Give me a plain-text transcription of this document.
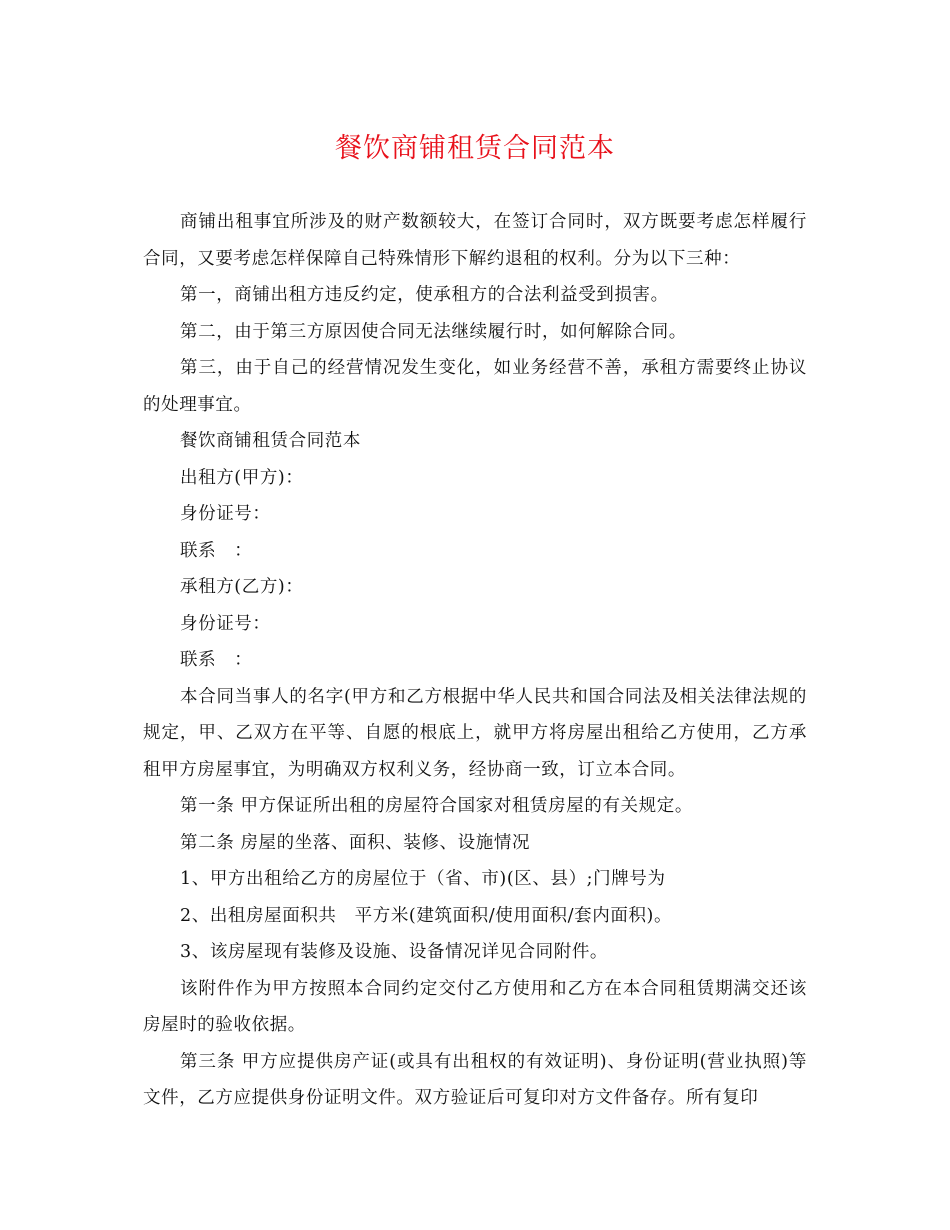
餐饮商铺租赁合同范本

商铺出租事宜所涉及的财产数额较大，在签订合同时，双方既要考虑怎样履行合同，又要考虑怎样保障自己特殊情形下解约退租的权利。分为以下三种：

第一，商铺出租方违反约定，使承租方的合法利益受到损害。

第二，由于第三方原因使合同无法继续履行时，如何解除合同。

第三，由于自己的经营情况发生变化，如业务经营不善，承租方需要终止协议的处理事宜。

餐饮商铺租赁合同范本

出租方(甲方)：

身份证号：

联系　：

承租方(乙方)：

身份证号：

联系　：

本合同当事人的名字(甲方和乙方根据中华人民共和国合同法及相关法律法规的规定，甲、乙双方在平等、自愿的根底上，就甲方将房屋出租给乙方使用，乙方承租甲方房屋事宜，为明确双方权利义务，经协商一致，订立本合同。

第一条 甲方保证所出租的房屋符合国家对租赁房屋的有关规定。

第二条 房屋的坐落、面积、装修、设施情况

1、甲方出租给乙方的房屋位于（省、市)(区、县）;门牌号为

2、出租房屋面积共　平方米(建筑面积/使用面积/套内面积)。

3、该房屋现有装修及设施、设备情况详见合同附件。

该附件作为甲方按照本合同约定交付乙方使用和乙方在本合同租赁期满交还该房屋时的验收依据。

第三条 甲方应提供房产证(或具有出租权的有效证明)、身份证明(营业执照)等文件，乙方应提供身份证明文件。双方验证后可复印对方文件备存。所有复印
